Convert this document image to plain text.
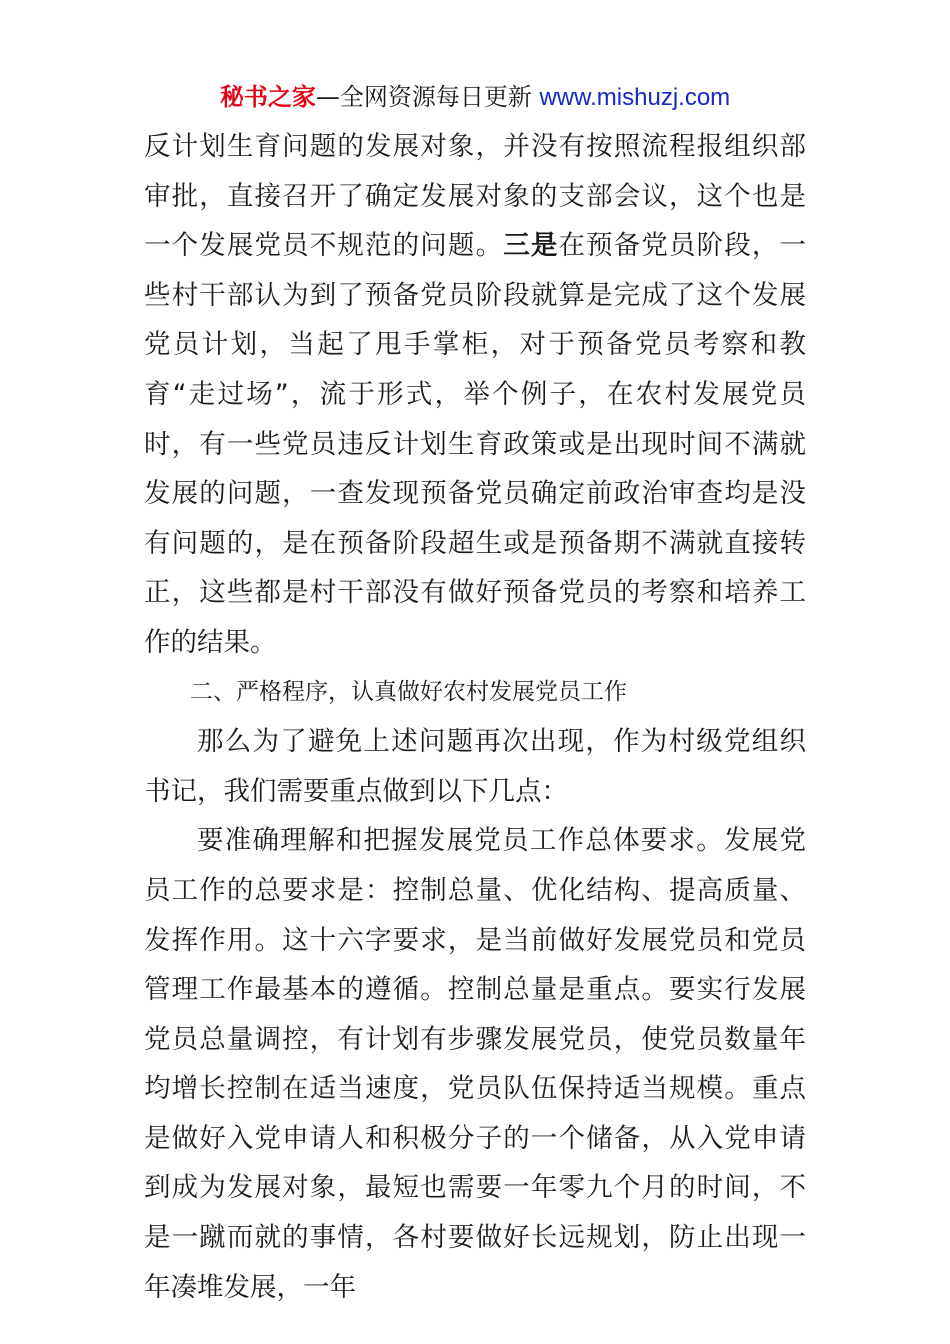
秘书之家—全网资源每日更新 www.mishuzj.com

反计划生育问题的发展对象，并没有按照流程报组织部审批，直接召开了确定发展对象的支部会议，这个也是一个发展党员不规范的问题。三是在预备党员阶段，一些村干部认为到了预备党员阶段就算是完成了这个发展党员计划，当起了甩手掌柜，对于预备党员考察和教育“走过场”，流于形式，举个例子，在农村发展党员时，有一些党员违反计划生育政策或是出现时间不满就发展的问题，一查发现预备党员确定前政治审查均是没有问题的，是在预备阶段超生或是预备期不满就直接转正，这些都是村干部没有做好预备党员的考察和培养工作的结果。

二、严格程序，认真做好农村发展党员工作

那么为了避免上述问题再次出现，作为村级党组织书记，我们需要重点做到以下几点：

要准确理解和把握发展党员工作总体要求。发展党员工作的总要求是：控制总量、优化结构、提高质量、发挥作用。这十六字要求，是当前做好发展党员和党员管理工作最基本的遵循。控制总量是重点。要实行发展党员总量调控，有计划有步骤发展党员，使党员数量年均增长控制在适当速度，党员队伍保持适当规模。重点是做好入党申请人和积极分子的一个储备，从入党申请到成为发展对象，最短也需要一年零九个月的时间，不是一蹴而就的事情，各村要做好长远规划，防止出现一年凑堆发展，一年
